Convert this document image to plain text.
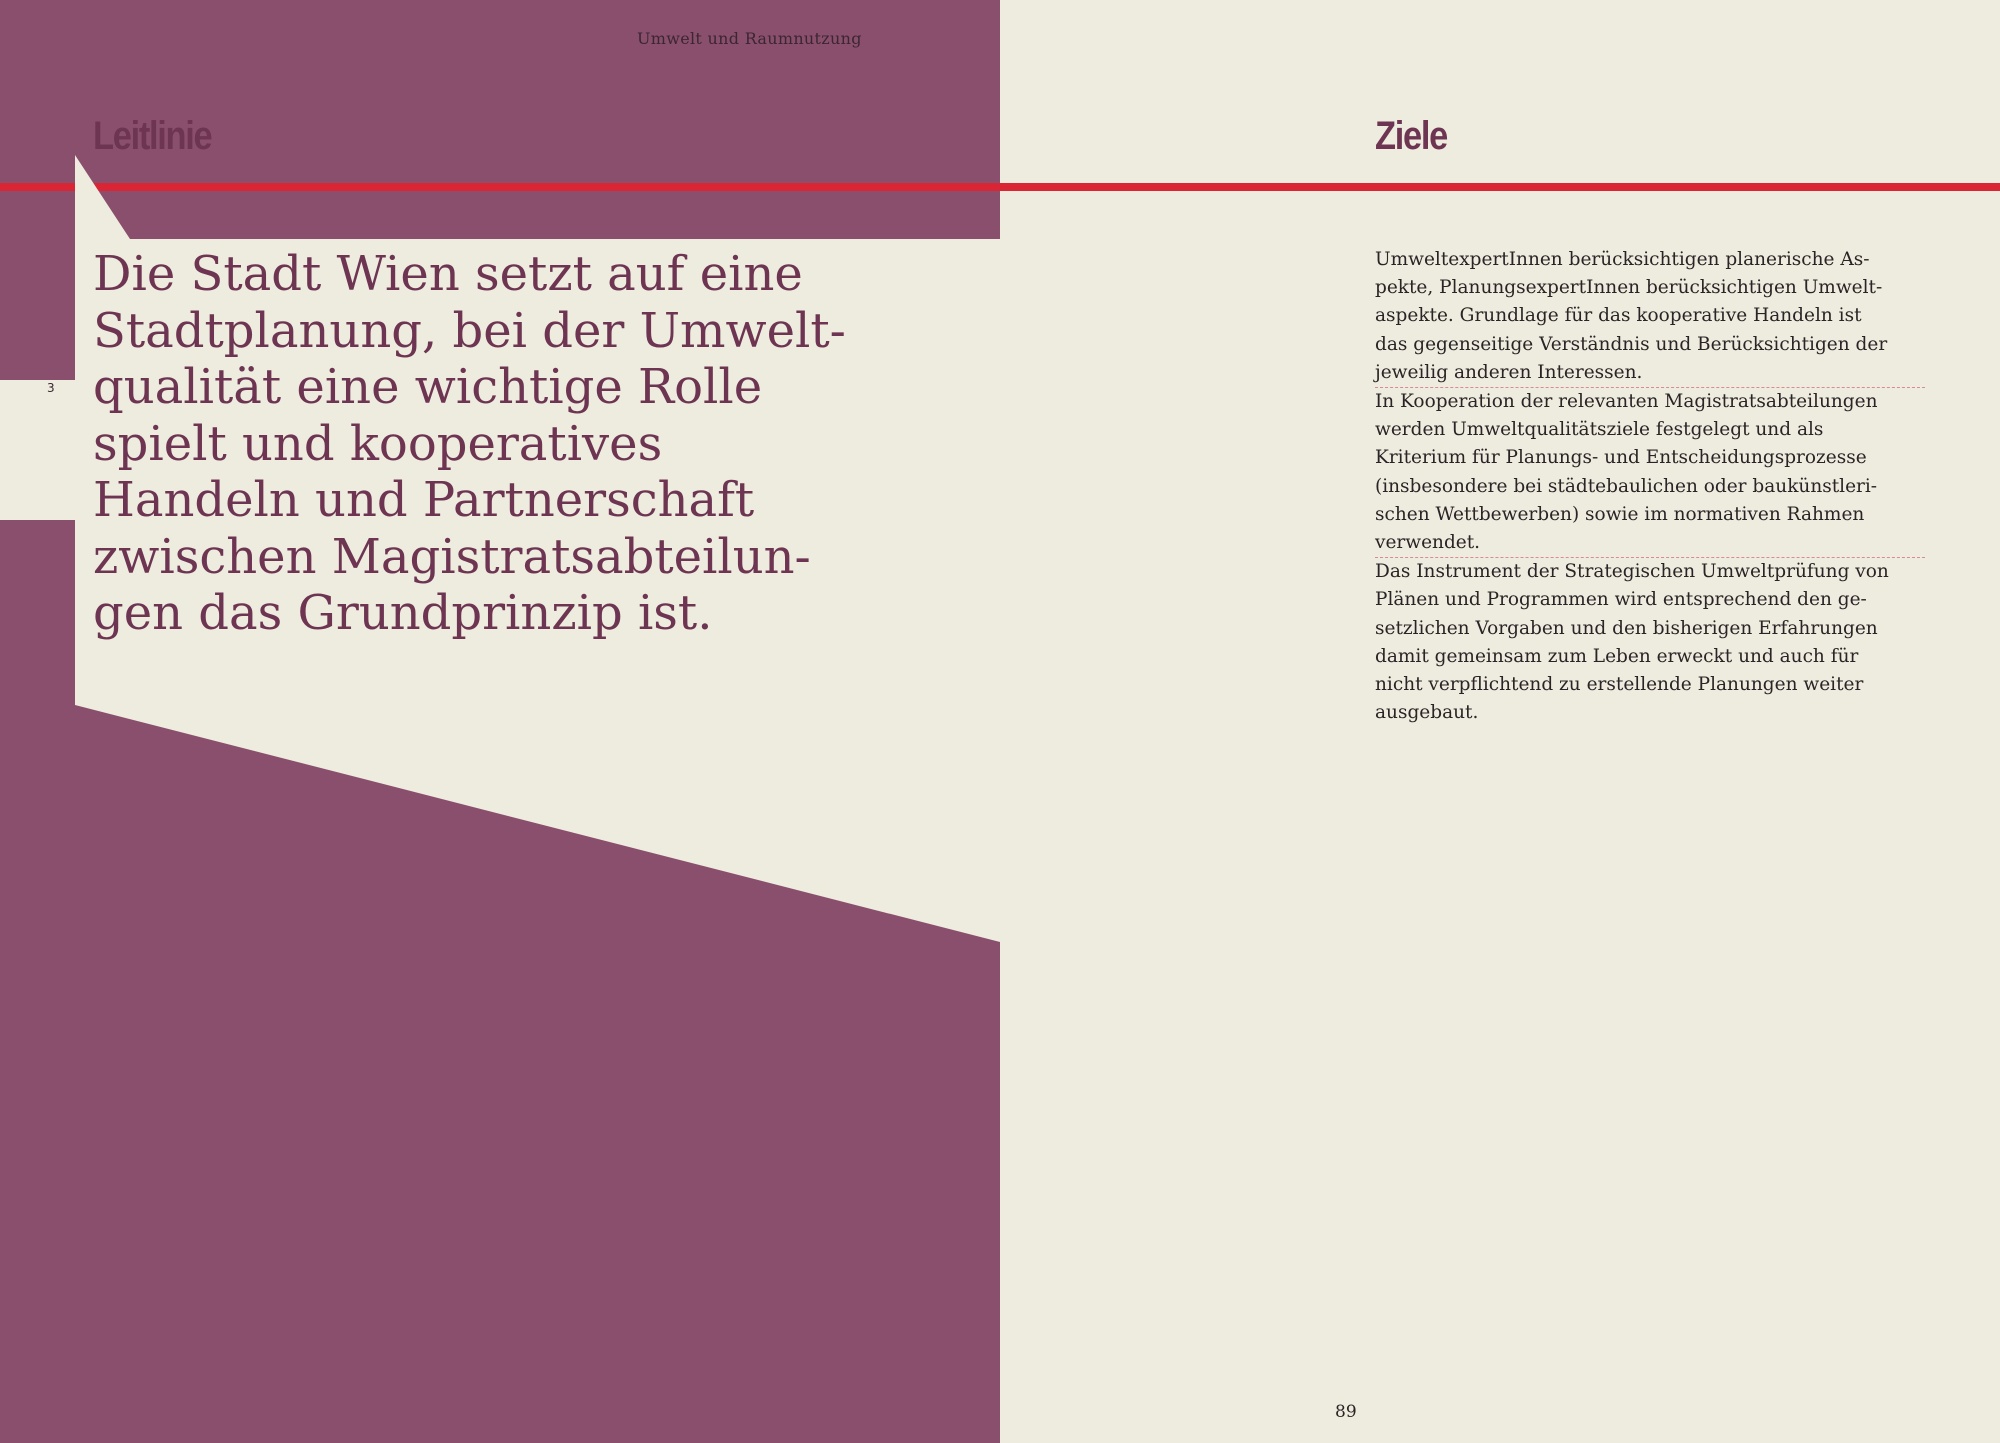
3
Umwelt und Raumnutzung
Leitlinie	Ziele
Die Stadt Wien setzt auf eine
Stadtplanung, bei der Umwelt-
qualität eine wichtige Rolle
spielt und kooperatives
Handeln und Partnerschaft
zwischen Magistratsabteilun-
gen das Grundprinzip ist.
UmweltexpertInnen berücksichtigen planerische As-
pekte, PlanungsexpertInnen berücksichtigen Umwelt-
aspekte. Grundlage für das kooperative Handeln ist
das gegenseitige Verständnis und Berücksichtigen der
jeweilig anderen Interessen.
In Kooperation der relevanten Magistratsabteilungen
werden Umweltqualitätsziele festgelegt und als
Kriterium für Planungs- und Entscheidungsprozesse
(insbesondere bei städtebaulichen oder baukünstleri-
schen Wettbewerben) sowie im normativen Rahmen
verwendet.
Das Instrument der Strategischen Umweltprüfung von
Plänen und Programmen wird entsprechend den ge-
setzlichen Vorgaben und den bisherigen Erfahrungen
damit gemeinsam zum Leben erweckt und auch für
nicht verpflichtend zu erstellende Planungen weiter
ausgebaut.
89
